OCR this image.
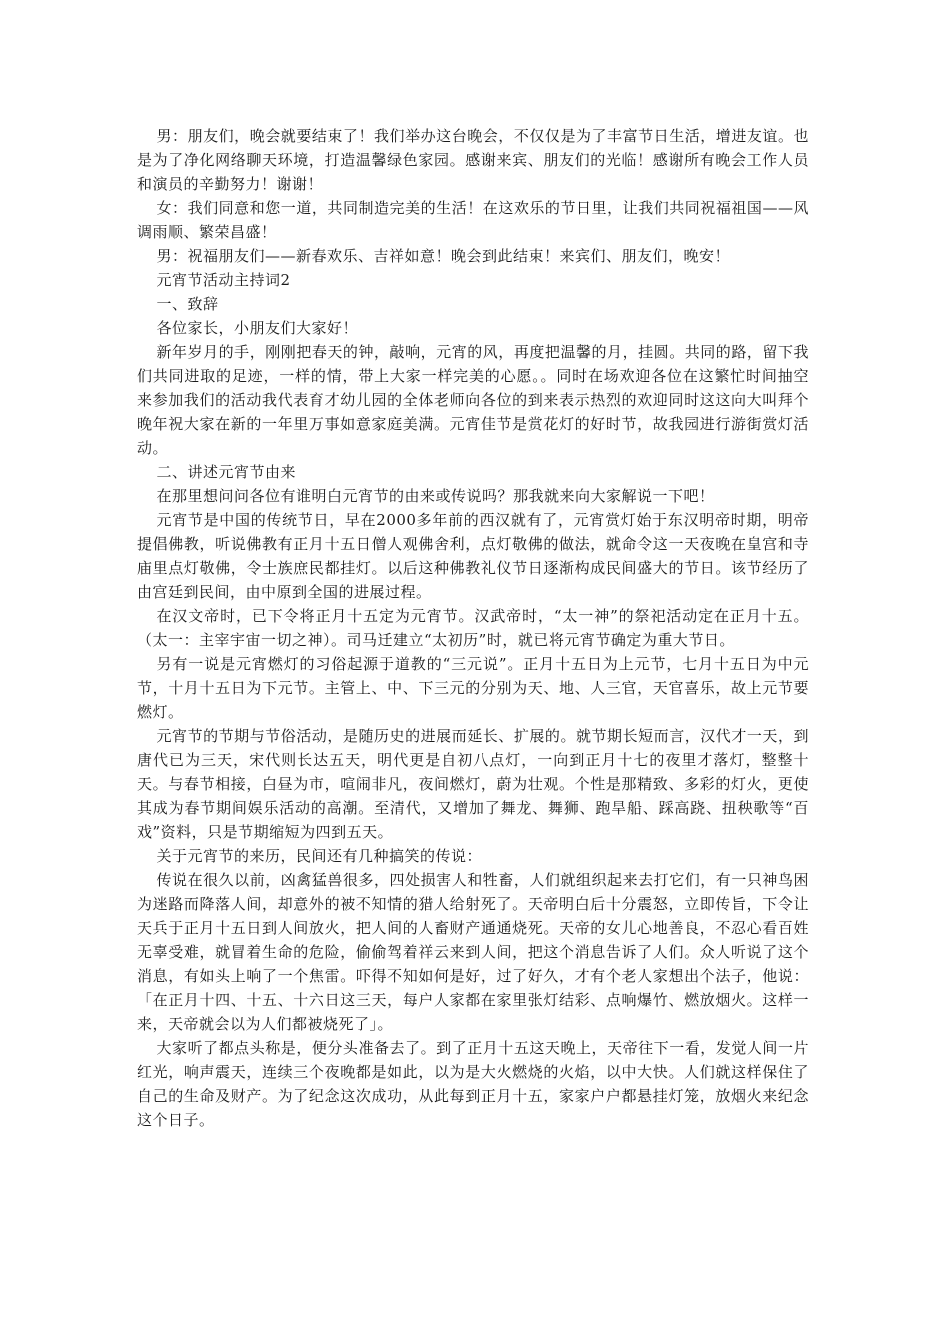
男：朋友们，晚会就要结束了！我们举办这台晚会，不仅仅是为了丰富节日生活，增进友谊。也是为了净化网络聊天环境，打造温馨绿色家园。感谢来宾、朋友们的光临！感谢所有晚会工作人员和演员的辛勤努力！谢谢！

女：我们同意和您一道，共同制造完美的生活！在这欢乐的节日里，让我们共同祝福祖国——风调雨顺、繁荣昌盛！

男：祝福朋友们——新春欢乐、吉祥如意！晚会到此结束！来宾们、朋友们，晚安！

元宵节活动主持词2

一、致辞

各位家长，小朋友们大家好！

新年岁月的手，刚刚把春天的钟，敲响，元宵的风，再度把温馨的月，挂圆。共同的路，留下我们共同进取的足迹，一样的情，带上大家一样完美的心愿。。同时在场欢迎各位在这繁忙时间抽空来参加我们的活动我代表育才幼儿园的全体老师向各位的到来表示热烈的欢迎同时这这向大叫拜个晚年祝大家在新的一年里万事如意家庭美满。元宵佳节是赏花灯的好时节，故我园进行游街赏灯活动。

二、讲述元宵节由来

在那里想问问各位有谁明白元宵节的由来或传说吗？那我就来向大家解说一下吧！

元宵节是中国的传统节日，早在2000多年前的西汉就有了，元宵赏灯始于东汉明帝时期，明帝提倡佛教，听说佛教有正月十五日僧人观佛舍利，点灯敬佛的做法，就命令这一天夜晚在皇宫和寺庙里点灯敬佛，令士族庶民都挂灯。以后这种佛教礼仪节日逐渐构成民间盛大的节日。该节经历了由宫廷到民间，由中原到全国的进展过程。

在汉文帝时，已下令将正月十五定为元宵节。汉武帝时，“太一神”的祭祀活动定在正月十五。（太一：主宰宇宙一切之神）。司马迁建立“太初历”时，就已将元宵节确定为重大节日。

另有一说是元宵燃灯的习俗起源于道教的“三元说”。正月十五日为上元节，七月十五日为中元节，十月十五日为下元节。主管上、中、下三元的分别为天、地、人三官，天官喜乐，故上元节要燃灯。

元宵节的节期与节俗活动，是随历史的进展而延长、扩展的。就节期长短而言，汉代才一天，到唐代已为三天，宋代则长达五天，明代更是自初八点灯，一向到正月十七的夜里才落灯，整整十天。与春节相接，白昼为市，喧闹非凡，夜间燃灯，蔚为壮观。个性是那精致、多彩的灯火，更使其成为春节期间娱乐活动的高潮。至清代，又增加了舞龙、舞狮、跑旱船、踩高跷、扭秧歌等“百戏”资料，只是节期缩短为四到五天。

关于元宵节的来历，民间还有几种搞笑的传说：

传说在很久以前，凶禽猛兽很多，四处损害人和牲畜，人们就组织起来去打它们，有一只神鸟困为迷路而降落人间，却意外的被不知情的猎人给射死了。天帝明白后十分震怒，立即传旨，下令让天兵于正月十五日到人间放火，把人间的人畜财产通通烧死。天帝的女儿心地善良，不忍心看百姓无辜受难，就冒着生命的危险，偷偷驾着祥云来到人间，把这个消息告诉了人们。众人听说了这个消息，有如头上响了一个焦雷。吓得不知如何是好，过了好久，才有个老人家想出个法子，他说：「在正月十四、十五、十六日这三天，每户人家都在家里张灯结彩、点响爆竹、燃放烟火。这样一来，天帝就会以为人们都被烧死了」。

大家听了都点头称是，便分头准备去了。到了正月十五这天晚上，天帝往下一看，发觉人间一片红光，响声震天，连续三个夜晚都是如此，以为是大火燃烧的火焰，以中大快。人们就这样保住了自己的生命及财产。为了纪念这次成功，从此每到正月十五，家家户户都悬挂灯笼，放烟火来纪念这个日子。
